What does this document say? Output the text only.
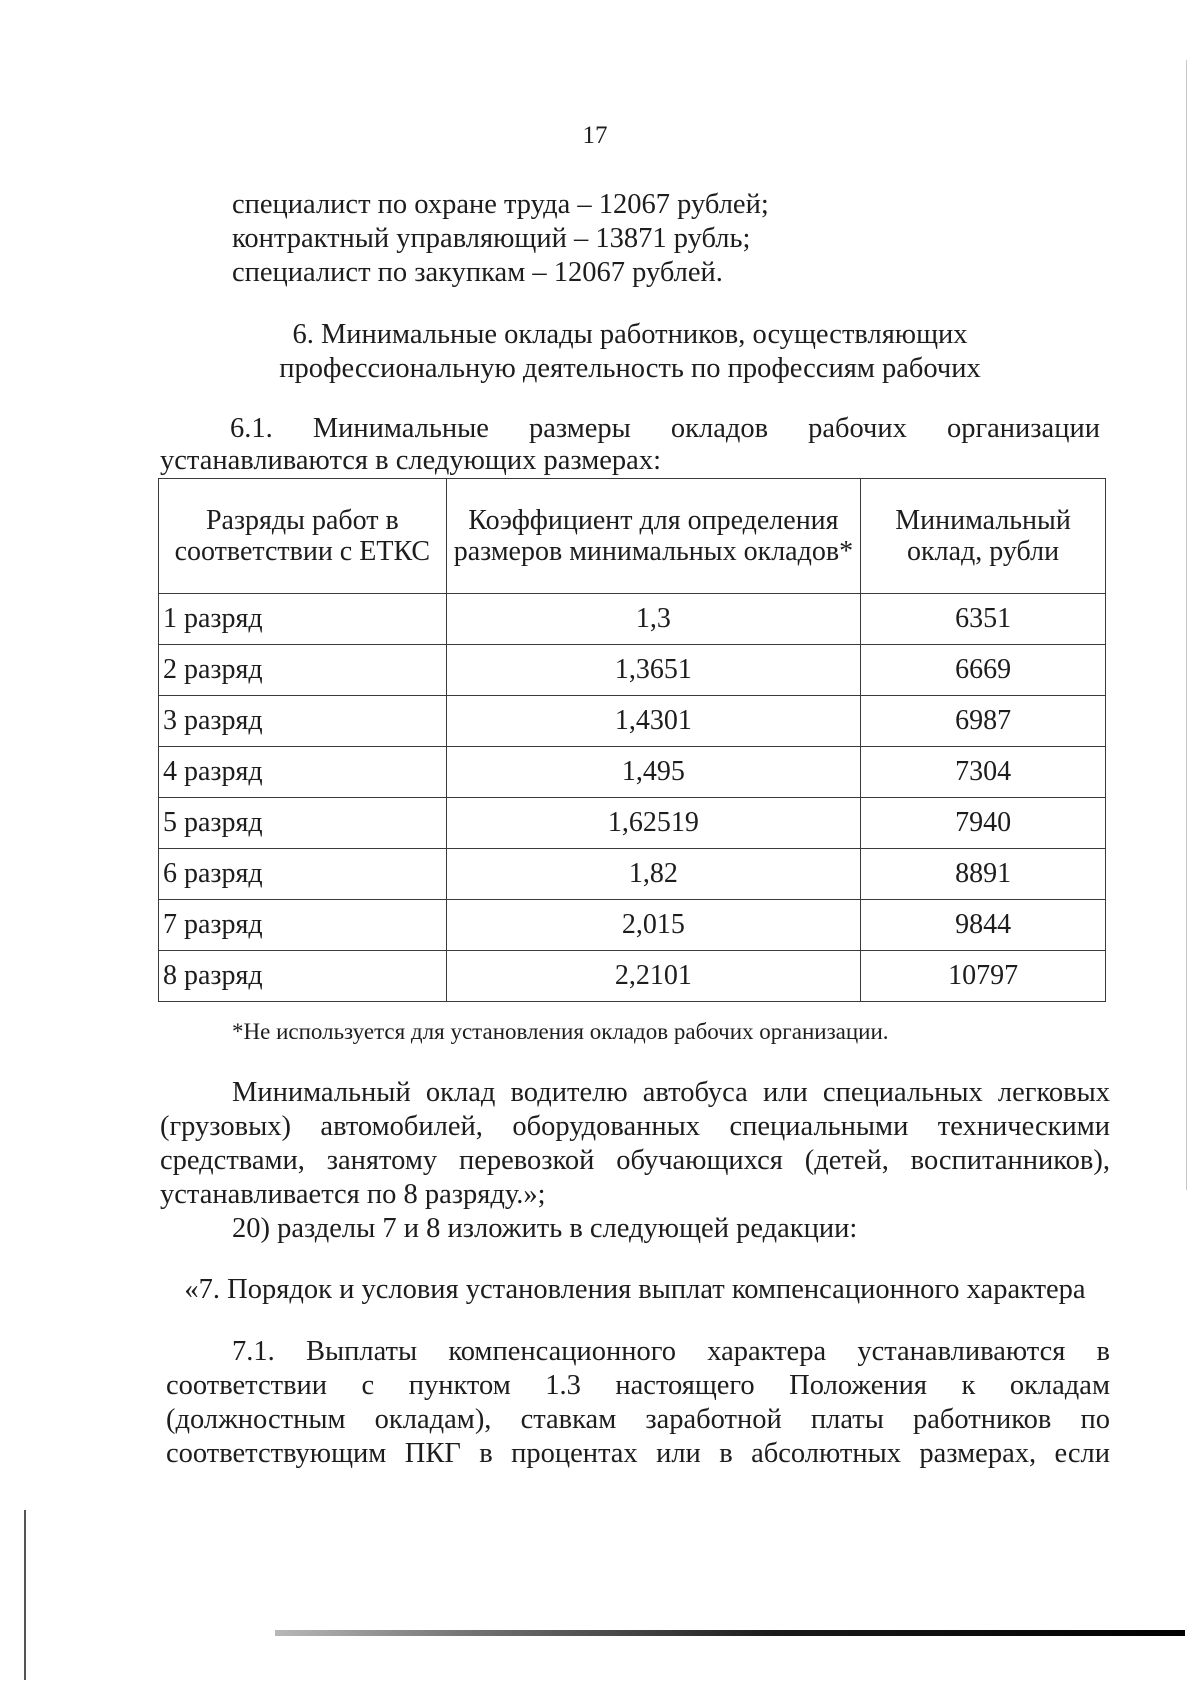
17
специалист по охране труда – 12067 рублей;
контрактный управляющий – 13871 рубль;
специалист по закупкам – 12067 рублей.
6. Минимальные оклады работников, осуществляющих
профессиональную деятельность по профессиям рабочих
6.1. Минимальные размеры окладов рабочих организации
устанавливаются в следующих размерах:
Разряды работ в соответствии с ЕТКС	Коэффициент для определения размеров минимальных окладов*	Минимальный оклад, рубли
1 разряд	1,3	6351
2 разряд	1,3651	6669
3 разряд	1,4301	6987
4 разряд	1,495	7304
5 разряд	1,62519	7940
6 разряд	1,82	8891
7 разряд	2,015	9844
8 разряд	2,2101	10797
*Не используется для установления окладов рабочих организации.
Минимальный оклад водителю автобуса или специальных легковых
(грузовых) автомобилей, оборудованных специальными техническими
средствами, занятому перевозкой обучающихся (детей, воспитанников),
устанавливается по 8 разряду.»;
20) разделы 7 и 8 изложить в следующей редакции:
«7. Порядок и условия установления выплат компенсационного характера
7.1. Выплаты компенсационного характера устанавливаются в
соответствии с пунктом 1.3 настоящего Положения к окладам
(должностным окладам), ставкам заработной платы работников по
соответствующим ПКГ в процентах или в абсолютных размерах, если
